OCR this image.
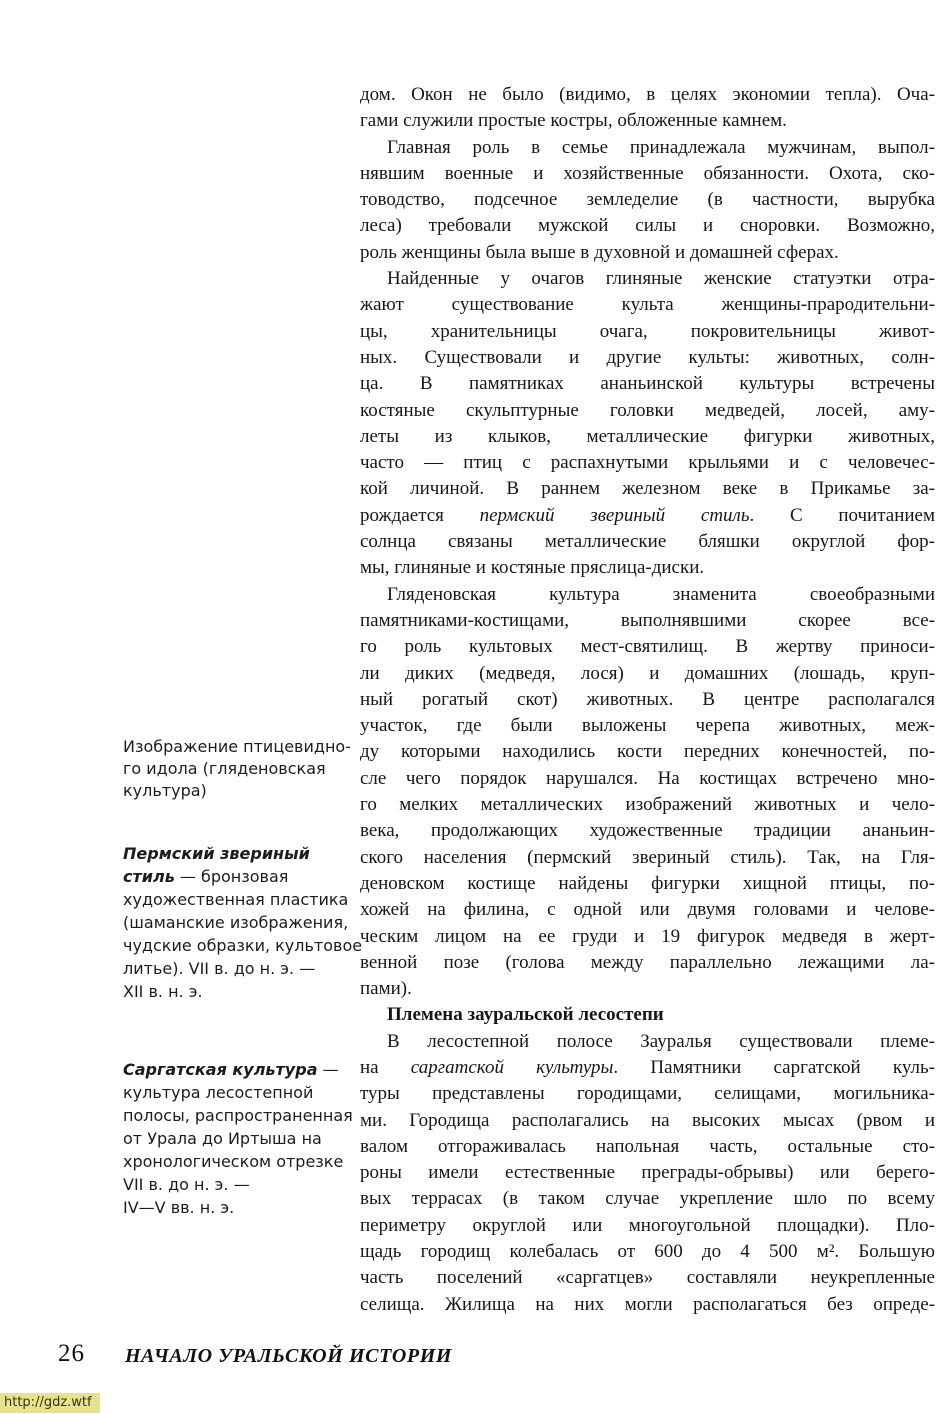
Изображение птицевидно-
го идола (гляденовская
культура)
Пермский звериный
стиль — бронзовая
художественная пластика
(шаманские изображения,
чудские образки, культовое
литье). VII в. до н. э. —
XII в. н. э.
Саргатская культура —
культура лесостепной
полосы, распространенная
от Урала до Иртыша на
хронологическом отрезке
VII в. до н. э. —
IV—V вв. н. э.
дом. Окон не было (видимо, в целях экономии тепла). Оча-
гами служили простые костры, обложенные камнем.
Главная роль в семье принадлежала мужчинам, выпол-
нявшим военные и хозяйственные обязанности. Охота, ско-
товодство, подсечное земледелие (в частности, вырубка
леса) требовали мужской силы и сноровки. Возможно,
роль женщины была выше в духовной и домашней сферах.
Найденные у очагов глиняные женские статуэтки отра-
жают существование культа женщины-прародительни-
цы, хранительницы очага, покровительницы живот-
ных. Существовали и другие культы: животных, солн-
ца. В памятниках ананьинской культуры встречены
костяные скульптурные головки медведей, лосей, аму-
леты из клыков, металлические фигурки животных,
часто — птиц с распахнутыми крыльями и с человечес-
кой личиной. В раннем железном веке в Прикамье за-
рождается пермский звериный стиль. С почитанием
солнца связаны металлические бляшки округлой фор-
мы, глиняные и костяные пряслица-диски.
Гляденовская культура знаменита своеобразными
памятниками-костищами, выполнявшими скорее все-
го роль культовых мест-святилищ. В жертву приноси-
ли диких (медведя, лося) и домашних (лошадь, круп-
ный рогатый скот) животных. В центре располагался
участок, где были выложены черепа животных, меж-
ду которыми находились кости передних конечностей, по-
сле чего порядок нарушался. На костищах встречено мно-
го мелких металлических изображений животных и чело-
века, продолжающих художественные традиции ананьин-
ского населения (пермский звериный стиль). Так, на Гля-
деновском костище найдены фигурки хищной птицы, по-
хожей на филина, с одной или двумя головами и челове-
ческим лицом на ее груди и 19 фигурок медведя в жерт-
венной позе (голова между параллельно лежащими ла-
пами).
Племена зауральской лесостепи
В лесостепной полосе Зауралья существовали племе-
на саргатской культуры. Памятники саргатской куль-
туры представлены городищами, селищами, могильника-
ми. Городища располагались на высоких мысах (рвом и
валом отгораживалась напольная часть, остальные сто-
роны имели естественные преграды-обрывы) или берего-
вых террасах (в таком случае укрепление шло по всему
периметру округлой или многоугольной площадки). Пло-
щадь городищ колебалась от 600 до 4 500 м². Большую
часть поселений «саргатцев» составляли неукрепленные
селища. Жилища на них могли располагаться без опреде-
26 НАЧАЛО УРАЛЬСКОЙ ИСТОРИИ
http://gdz.wtf
